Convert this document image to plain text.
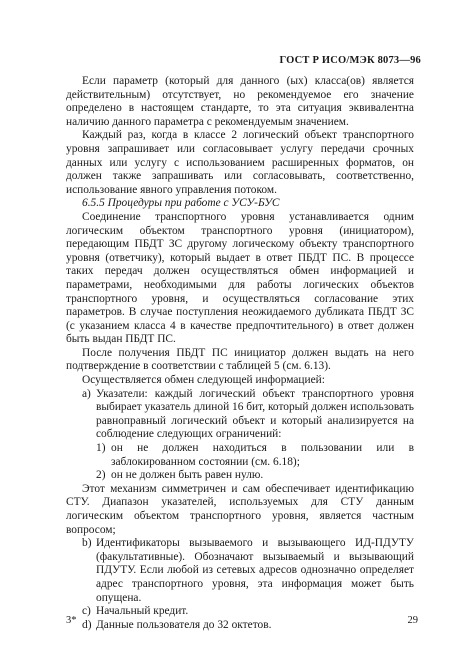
ГОСТ Р ИСО/МЭК 8073—96

Если параметр (который для данного (ых) класса(ов) является действительным) отсутствует, но рекомендуемое его значение определено в настоящем стандарте, то эта ситуация эквивалентна наличию данного параметра с рекомендуемым значением.

Каждый раз, когда в классе 2 логический объект транспортного уровня запрашивает или согласовывает услугу передачи срочных данных или услугу с использованием расширенных форматов, он должен также запрашивать или согласовывать, соответственно, использование явного управления потоком.

6.5.5 Процедуры при работе с УСУ-БУС

Соединение транспортного уровня устанавливается одним логическим объектом транспортного уровня (инициатором), передающим ПБДТ ЗС другому логическому объекту транспортного уровня (ответчику), который выдает в ответ ПБДТ ПС. В процессе таких передач должен осуществляться обмен информацией и параметрами, необходимыми для работы логических объектов транспортного уровня, и осуществляться согласование этих параметров. В случае поступления неожидаемого дубликата ПБДТ ЗС (с указанием класса 4 в качестве предпочтительного) в ответ должен быть выдан ПБДТ ПС.

После получения ПБДТ ПС инициатор должен выдать на него подтверждение в соответствии с таблицей 5 (см. 6.13).

Осуществляется обмен следующей информацией:

а) Указатели: каждый логический объект транспортного уровня выбирает указатель длиной 16 бит, который должен использовать равноправный логический объект и который анализируется на соблюдение следующих ограничений:
1) он не должен находиться в пользовании или в заблокированном состоянии (см. 6.18);
2) он не должен быть равен нулю.

Этот механизм симметричен и сам обеспечивает идентификацию СТУ. Диапазон указателей, используемых для СТУ данным логическим объектом транспортного уровня, является частным вопросом;

b) Идентификаторы вызываемого и вызывающего ИД-ПДУТУ (факультативные). Обозначают вызываемый и вызывающий ПДУТУ. Если любой из сетевых адресов однозначно определяет адрес транспортного уровня, эта информация может быть опущена.
c) Начальный кредит.
d) Данные пользователя до 32 октетов.
3*	29
